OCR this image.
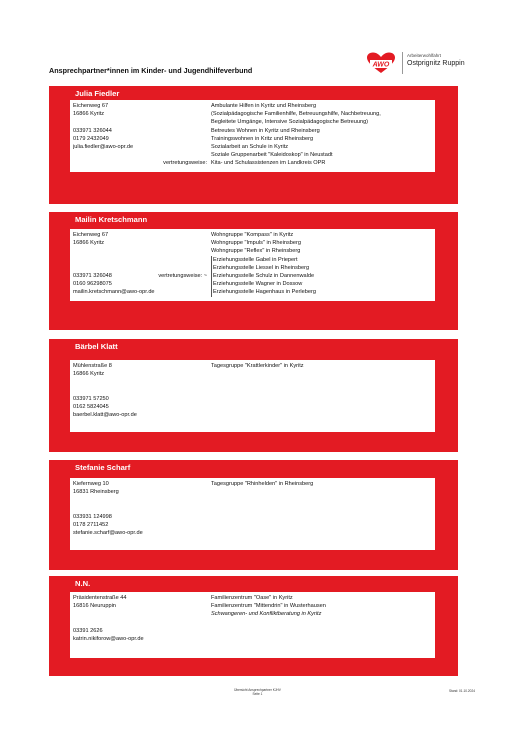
AWO
Arbeiterwohlfahrt
Ostprignitz Ruppin
Ansprechpartner*innen im Kinder- und Jugendhilfeverbund
Julia Fiedler
Eichenweg 67
16866 Kyritz
033971 326044
0179 2432049
julia.fiedler@awo-opr.de
vertretungsweise:
Ambulante Hilfen in Kyritz und Rheinsberg
(Sozialpädagogische Familienhilfe, Betreuungshilfe, Nachbetreuung,
Begleitete Umgänge, Intensive Sozialpädagogische Betreuung)
Betreutes Wohnen in Kyritz und Rheinsberg
Trainingswohnen in Kritz und Rheinsberg
Sozialarbeit an Schule in Kyritz
Soziale Gruppenarbeit "Kaleidoskop" in Neustadt
Kita- und Schulassistenzen im Landkreis OPR
Mailin Kretschmann
Eichenweg 67
16866 Kyritz
033971 326048	vertretungsweise: ~
0160 96298075
mailin.kretschmann@awo-opr.de
Wohngruppe "Kompass" in Kyritz
Wohngruppe "Impuls" in Rheinsberg
Wohngruppe "Reflex" in Rheinsberg
Erziehungsstelle Gabel in Priepert
Erziehungsstelle Liessel in Rheinsberg
Erziehungsstelle Schulz in Dannenwalde
Erziehungsstelle Wagner in Dossow
Erziehungsstelle Hagenhaus in Perleberg
Bärbel Klatt
Mühlenstraße 8
16866 Kyritz
033971 57250
0162 5824045
baerbel.klatt@awo-opr.de
Tagesgruppe "Krattlerkinder" in Kyritz
Stefanie Scharf
Kiefernweg 10
16831 Rheinsberg
033931 124998
0178 2711452
stefanie.scharf@awo-opr.de
Tagesgruppe "Rhinhelden" in Rheinsberg
N.N.
Präsidentenstraße 44
16816 Neuruppin
03391 2626
katrin.nikiforow@awo-opr.de
Familienzentrum "Oase" in Kyritz
Familienzentrum "Mittendrin" in Wusterhausen
Schwangeren- und Konfliktberatung in Kyritz
Übersicht Ansprechpartner KJHV
Seite 1
Stand: 01.10.2024
